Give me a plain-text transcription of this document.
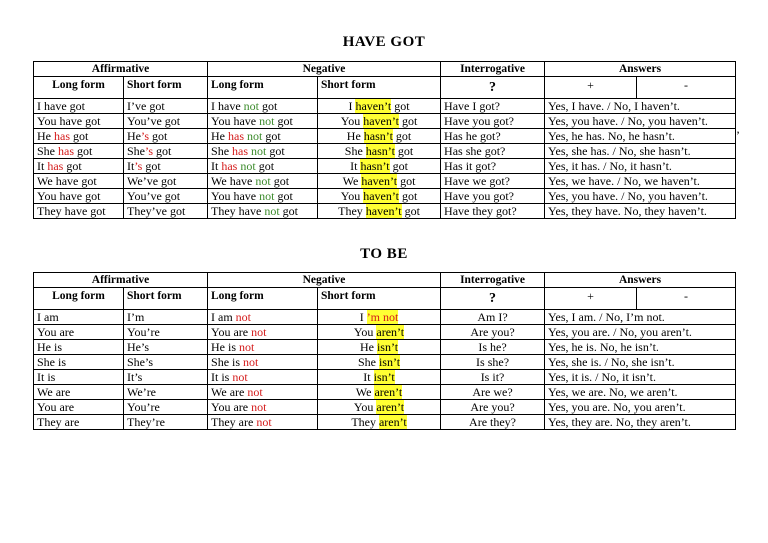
HAVE GOT
Affirmative		Negative		Interrogative	Answers	
Long form	Short form	Long form	Short form	?	+	-
I have got	I’ve got	I have not got	I haven’t got	Have I got?	Yes, I have. / No, I haven’t.	
You have got	You’ve got	You have not got	You haven’t got	Have you got?	Yes, you have. / No, you haven’t.	
He has got	He’s got	He has not got	He hasn’t got	Has he got?	Yes, he has. No, he hasn’t.	
She has got	She’s got	She has not got	She hasn’t got	Has she got?	Yes, she has. / No, she hasn’t.	
It has got	It’s got	It has not got	It hasn’t got	Has it got?	Yes, it has. / No, it hasn’t.	
We have got	We’ve got	We have not got	We haven’t got	Have we got?	Yes, we have. / No, we haven’t.	
You have got	You’ve got	You have not got	You haven’t got	Have you got?	Yes, you have. / No, you haven’t.	
They have got	They’ve got	They have not got	They haven’t got	Have they got?	Yes, they have. No, they haven’t.	
’
TO BE
Affirmative		Negative		Interrogative	Answers	
Long form	Short form	Long form	Short form	?	+	-
I am	I’m	I am not	I ’m not	Am I?	Yes, I am. / No, I’m not.	
You are	You’re	You are not	You aren’t	Are you?	Yes, you are. / No, you aren’t.	
He is	He’s	He is not	He isn’t	Is he?	Yes, he is. No, he isn’t.	
She is	She’s	She is not	She isn’t	Is she?	Yes, she is. / No, she isn’t.	
It is	It’s	It is not	It isn’t	Is it?	Yes, it is. / No, it isn’t.	
We are	We’re	We are not	We aren’t	Are we?	Yes, we are. No, we aren’t.	
You are	You’re	You are not	You aren’t	Are you?	Yes, you are. No, you aren’t.	
They are	They’re	They are not	They aren’t	Are they?	Yes, they are. No, they aren’t.	
